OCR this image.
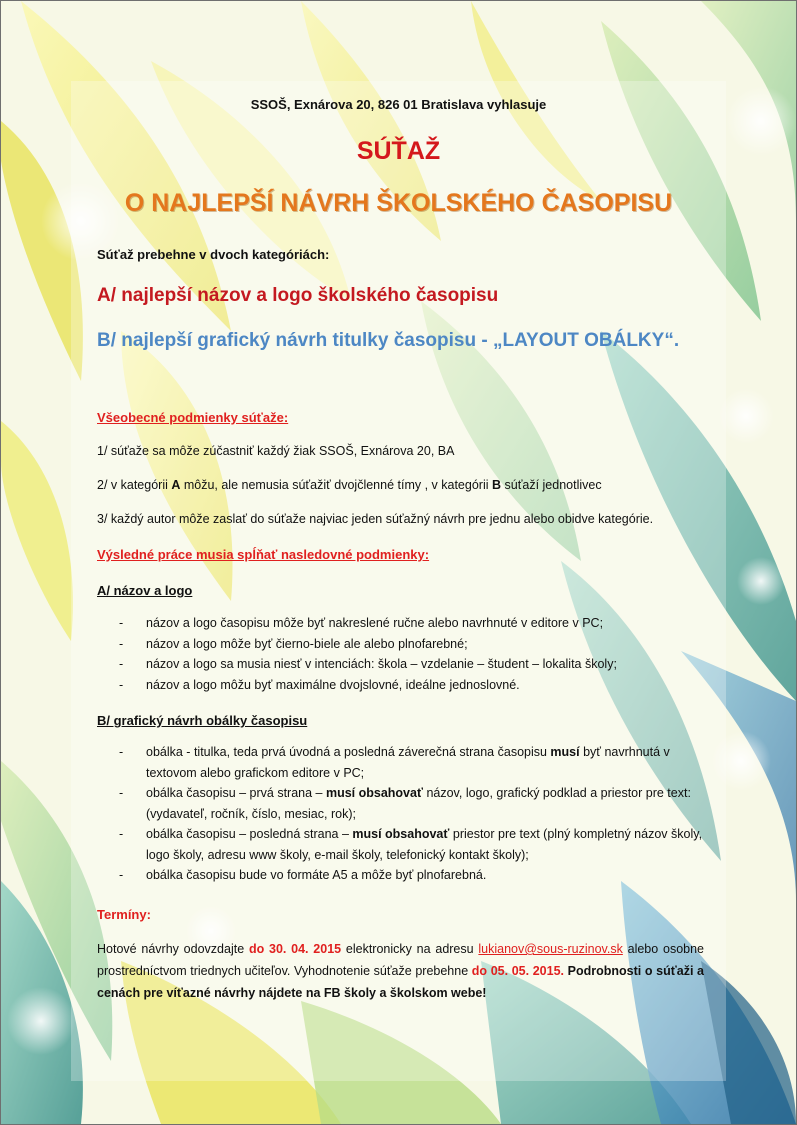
SSOŠ, Exnárova 20, 826 01 Bratislava vyhlasuje

SÚŤAŽ
O NAJLEPŠÍ NÁVRH ŠKOLSKÉHO ČASOPISU

Súťaž prebehne v dvoch kategóriách:

A/ najlepší názov a logo školského časopisu

B/ najlepší grafický návrh titulky časopisu - „LAYOUT OBÁLKY“.

Všeobecné podmienky súťaže:

1/ súťaže sa môže zúčastniť každý žiak SSOŠ, Exnárova 20, BA

2/ v kategórii A môžu, ale nemusia súťažiť dvojčlenné tímy , v kategórii B súťaží jednotlivec

3/ každý autor môže zaslať do súťaže najviac jeden súťažný návrh pre jednu alebo obidve kategórie.

Výsledné práce musia spĺňať nasledovné podmienky:

A/ názov a logo

- názov a logo časopisu môže byť nakreslené ručne alebo navrhnuté v editore v PC;
- názov a logo môže byť čierno-biele ale alebo plnofarebné;
- názov a logo sa musia niesť v intenciách: škola – vzdelanie – študent – lokalita školy;
- názov a logo môžu byť maximálne dvojslovné, ideálne jednoslovné.

B/ grafický návrh obálky časopisu

- obálka - titulka, teda prvá úvodná a posledná záverečná strana časopisu musí byť navrhnutá v textovom alebo grafickom editore v PC;
- obálka časopisu – prvá strana – musí obsahovať názov, logo, grafický podklad a priestor pre text: (vydavateľ, ročník, číslo, mesiac, rok);
- obálka časopisu – posledná strana – musí obsahovať priestor pre text (plný kompletný názov školy, logo školy, adresu www školy, e-mail školy, telefonický kontakt školy);
- obálka časopisu bude vo formáte A5 a môže byť plnofarebná.

Termíny:

Hotové návrhy odovzdajte do 30. 04. 2015 elektronicky na adresu lukianov@sous-ruzinov.sk alebo osobne prostredníctvom triednych učiteľov. Vyhodnotenie súťaže prebehne do 05. 05. 2015. Podrobnosti o súťaži a cenách pre víťazné návrhy nájdete na FB školy a školskom webe!
